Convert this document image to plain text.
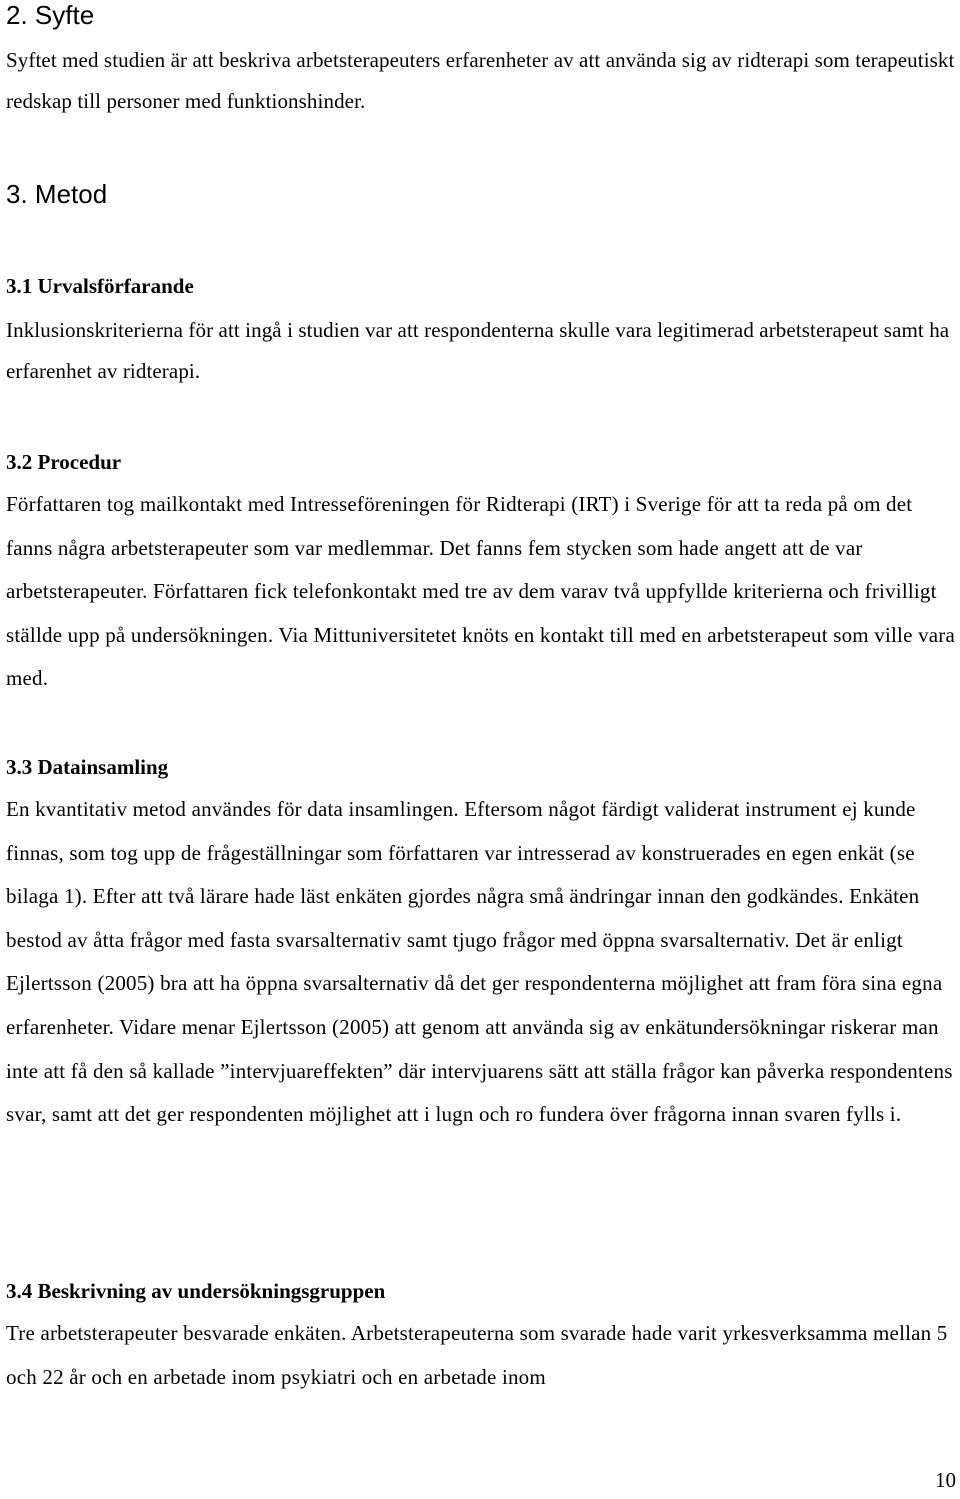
2. Syfte

Syftet med studien är att beskriva arbetsterapeuters erfarenheter av att använda sig av ridterapi som terapeutiskt redskap till personer med funktionshinder.

3. Metod
3.1 Urvalsförfarande

Inklusionskriterierna för att ingå i studien var att respondenterna skulle vara legitimerad arbetsterapeut samt ha erfarenhet av ridterapi.

3.2 Procedur

Författaren tog mailkontakt med Intresseföreningen för Ridterapi (IRT) i Sverige för att ta reda på om det fanns några arbetsterapeuter som var medlemmar. Det fanns fem stycken som hade angett att de var arbetsterapeuter. Författaren fick telefonkontakt med tre av dem varav två uppfyllde kriterierna och frivilligt ställde upp på undersökningen. Via Mittuniversitetet knöts en kontakt till med en arbetsterapeut som ville vara med.

3.3 Datainsamling

En kvantitativ metod användes för data insamlingen. Eftersom något färdigt validerat instrument ej kunde finnas, som tog upp de frågeställningar som författaren var intresserad av konstruerades en egen enkät (se bilaga 1). Efter att två lärare hade läst enkäten gjordes några små ändringar innan den godkändes. Enkäten bestod av åtta frågor med fasta svarsalternativ samt tjugo frågor med öppna svarsalternativ. Det är enligt Ejlertsson (2005) bra att ha öppna svarsalternativ då det ger respondenterna möjlighet att fram föra sina egna erfarenheter. Vidare menar Ejlertsson (2005) att genom att använda sig av enkätundersökningar riskerar man inte att få den så kallade ”intervjuareffekten” där intervjuarens sätt att ställa frågor kan påverka respondentens svar, samt att det ger respondenten möjlighet att i lugn och ro fundera över frågorna innan svaren fylls i.

3.4 Beskrivning av undersökningsgruppen

Tre arbetsterapeuter besvarade enkäten. Arbetsterapeuterna som svarade hade varit yrkesverksamma mellan 5 och 22 år och en arbetade inom psykiatri och en arbetade inom

10
